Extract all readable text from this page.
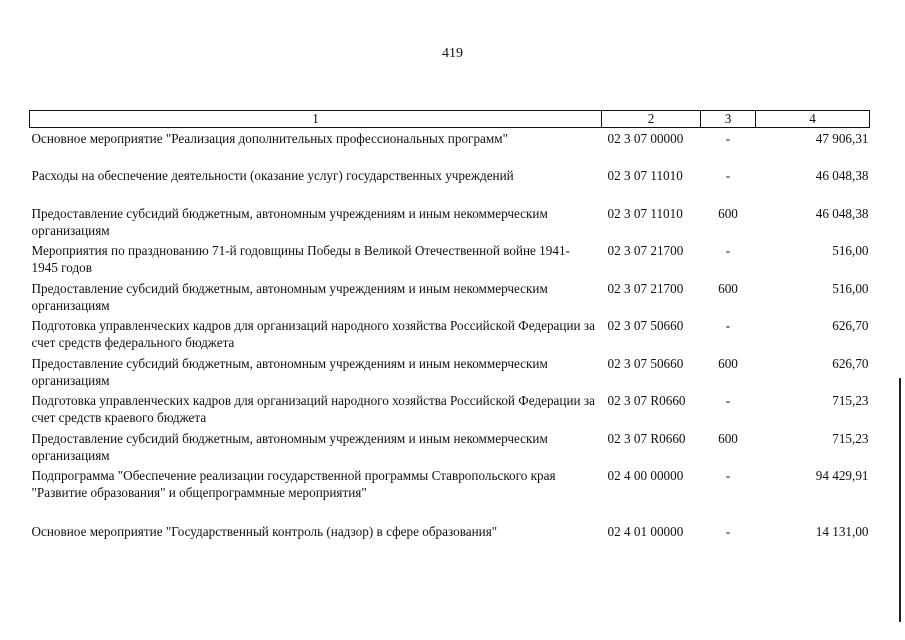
419
1	2	3	4
Основное мероприятие "Реализация дополнительных профессиональных программ"	02 3 07 00000	-	47 906,31
Расходы на обеспечение деятельности (оказание услуг) государственных учреждений	02 3 07 11010	-	46 048,38
Предоставление субсидий бюджетным, автономным учреждениям и иным некоммерческим организациям	02 3 07 11010	600	46 048,38
Мероприятия по празднованию 71-й годовщины Победы в Великой Отечественной войне 1941-1945 годов	02 3 07 21700	-	516,00
Предоставление субсидий бюджетным, автономным учреждениям и иным некоммерческим организациям	02 3 07 21700	600	516,00
Подготовка управленческих кадров для организаций народного хозяйства Российской Федерации за счет средств федерального бюджета	02 3 07 50660	-	626,70
Предоставление субсидий бюджетным, автономным учреждениям и иным некоммерческим организациям	02 3 07 50660	600	626,70
Подготовка управленческих кадров для организаций народного хозяйства Российской Федерации за счет средств краевого бюджета	02 3 07 R0660	-	715,23
Предоставление субсидий бюджетным, автономным учреждениям и иным некоммерческим организациям	02 3 07 R0660	600	715,23
Подпрограмма "Обеспечение реализации государственной программы Ставропольского края "Развитие образования" и общепрограммные мероприятия"	02 4 00 00000	-	94 429,91
Основное мероприятие "Государственный контроль (надзор) в сфере образования"	02 4 01 00000	-	14 131,00
